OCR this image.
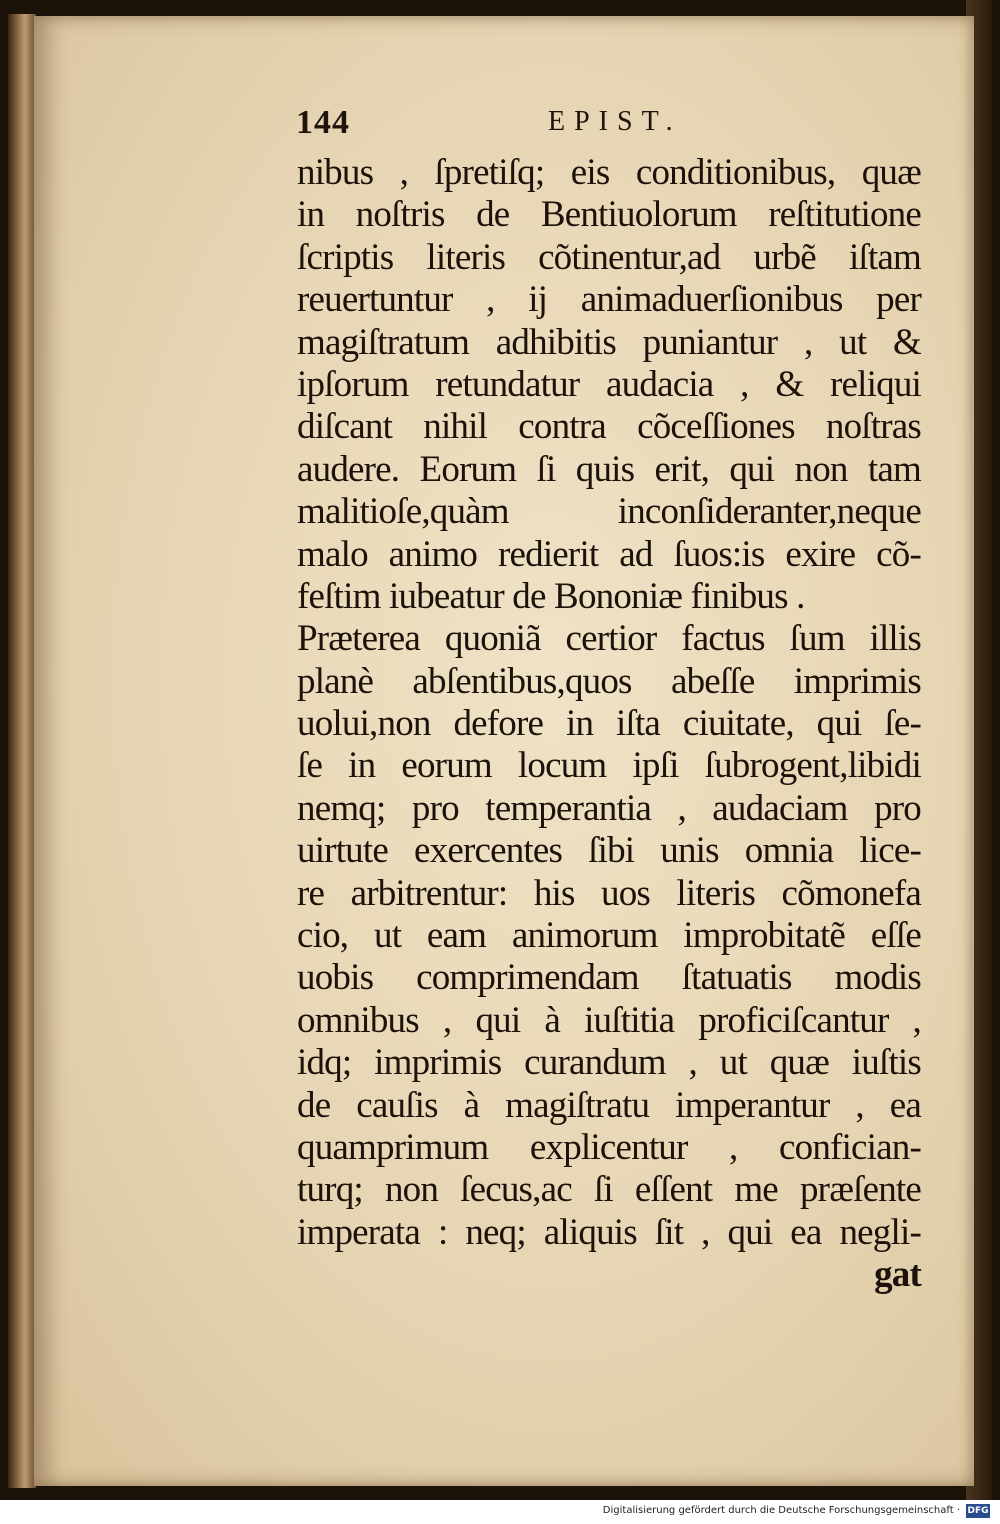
144	EPIST.
nibus , ſpretiſq; eis conditionibus, quæ
in noſtris de Bentiuolorum reſtitutione
ſcriptis literis cõtinentur,ad urbẽ iſtam
reuertuntur , ij animaduerſionibus per
magiſtratum adhibitis puniantur , ut &
ipſorum retundatur audacia , & reliqui
diſcant nihil contra cõceſſiones noſtras
audere. Eorum ſi quis erit, qui non tam
malitioſe,quàm inconſideranter,neque
malo animo redierit ad ſuos:is exire cõ-
feſtim iubeatur de Bononiæ finibus .
Præterea quoniã certior factus ſum illis
planè abſentibus,quos abeſſe imprimis
uolui,non defore in iſta ciuitate, qui ſe-
ſe in eorum locum ipſi ſubrogent,libidi
nemq; pro temperantia , audaciam pro
uirtute exercentes ſibi unis omnia lice-
re arbitrentur: his uos literis cõmonefa
cio, ut eam animorum improbitatẽ eſſe
uobis comprimendam ſtatuatis modis
omnibus , qui à iuſtitia proficiſcantur ,
idq; imprimis curandum , ut quæ iuſtis
de cauſis à magiſtratu imperantur , ea
quamprimum explicentur , confician-
turq; non ſecus,ac ſi eſſent me præſente
imperata : neq; aliquis ſit , qui ea negli-
gat
Digitalisierung gefördert durch die Deutsche Forschungsgemeinschaft · DFG
